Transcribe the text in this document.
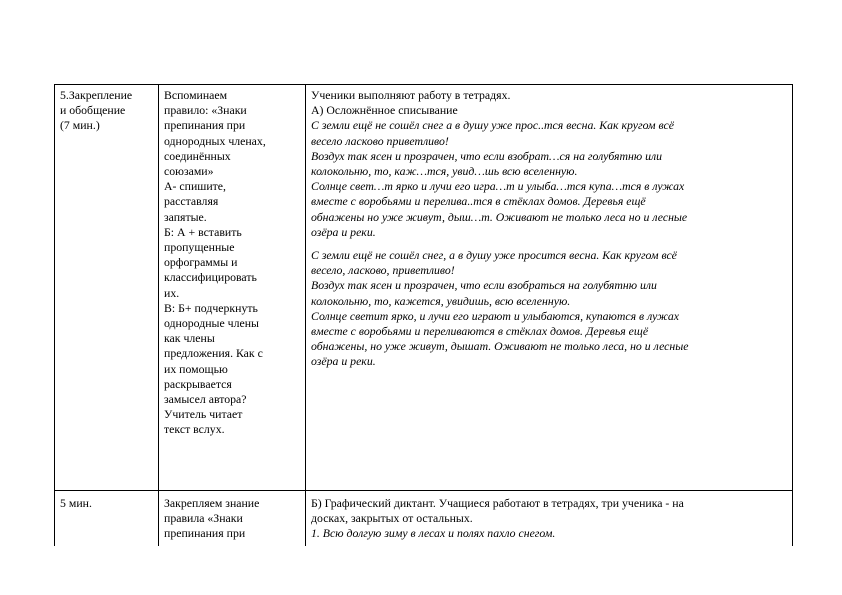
5.Закрепление
и обобщение
(7 мин.)
Вспоминаем
правило: «Знаки
препинания при
однородных членах,
соединённых
союзами»
А- спишите,
расставляя
запятые.
Б: А + вставить
пропущенные
орфограммы и
классифицировать
их.
В: Б+ подчеркнуть
однородные члены
как члены
предложения. Как с
их помощью
раскрывается
замысел автора?
Учитель читает
текст вслух.
Ученики выполняют работу в тетрадях.
А) Осложнённое списывание
С земли ещё не сошёл снег а в душу уже прос..тся весна. Как кругом всё
весело ласково приветливо!
Воздух так ясен и прозрачен, что если взобрат…ся на голубятню или
колокольню, то, каж…тся, увид…шь всю вселенную.
Солнце свет…т ярко и лучи его игра…т и улыба…тся купа…тся в лужах
вместе с воробьями и перелива..тся в стёклах домов. Деревья ещё
обнажены но уже живут, дыш…т. Оживают не только леса но и лесные
озёра и реки.
С земли ещё не сошёл снег, а в душу уже просится весна. Как кругом всё
весело, ласково, приветливо!
Воздух так ясен и прозрачен, что если взобраться на голубятню или
колокольню, то, кажется, увидишь, всю вселенную.
Солнце светит ярко, и лучи его играют и улыбаются, купаются в лужах
вместе с воробьями и переливаются в стёклах домов. Деревья ещё
обнажены, но уже живут, дышат. Оживают не только леса, но и лесные
озёра и реки.
5 мин.	Закрепляем знание
правила «Знаки
препинания при
Б) Графический диктант. Учащиеся работают в тетрадях, три ученика - на
досках, закрытых от остальных.
1. Всю долгую зиму в лесах и полях пахло снегом.
